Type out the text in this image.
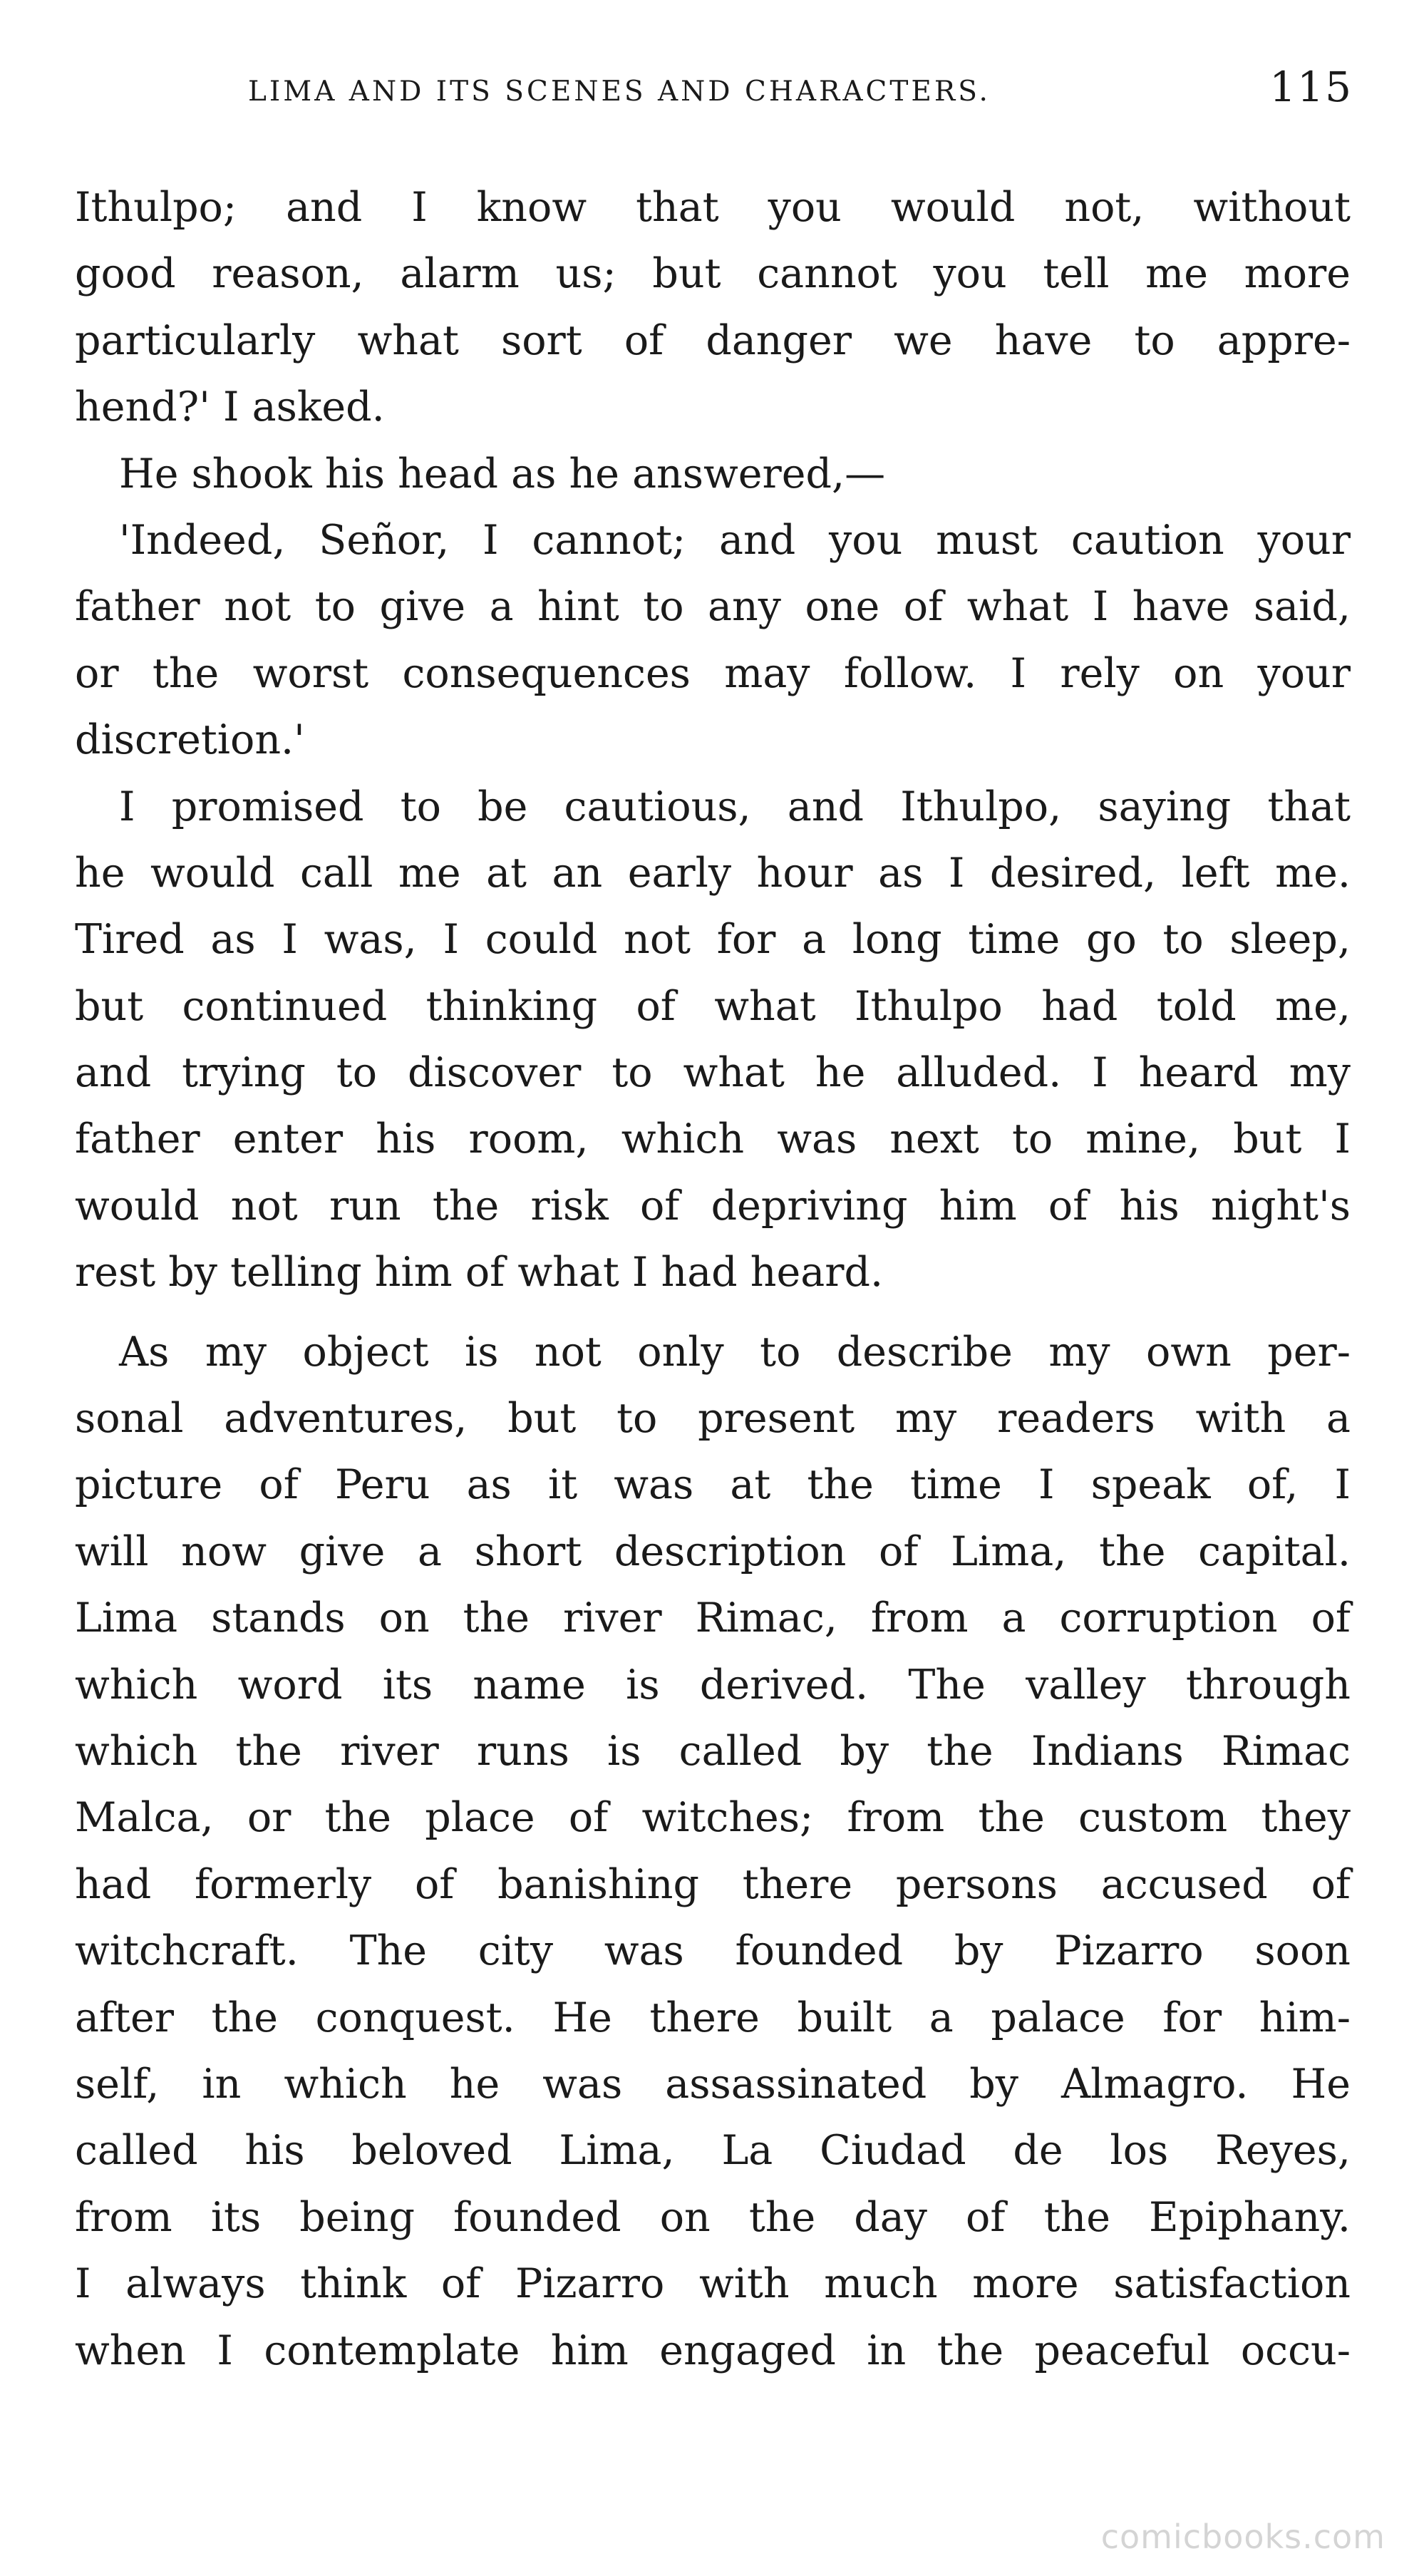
LIMA AND ITS SCENES AND CHARACTERS.	115
Ithulpo; and I know that you would not, without
good reason, alarm us; but cannot you tell me more
particularly what sort of danger we have to appre-
hend?' I asked.
He shook his head as he answered,—
'Indeed, Señor, I cannot; and you must caution your
father not to give a hint to any one of what I have said,
or the worst consequences may follow. I rely on your
discretion.'
I promised to be cautious, and Ithulpo, saying that
he would call me at an early hour as I desired, left me.
Tired as I was, I could not for a long time go to sleep,
but continued thinking of what Ithulpo had told me,
and trying to discover to what he alluded. I heard my
father enter his room, which was next to mine, but I
would not run the risk of depriving him of his night's
rest by telling him of what I had heard.
As my object is not only to describe my own per-
sonal adventures, but to present my readers with a
picture of Peru as it was at the time I speak of, I
will now give a short description of Lima, the capital.
Lima stands on the river Rimac, from a corruption of
which word its name is derived. The valley through
which the river runs is called by the Indians Rimac
Malca, or the place of witches; from the custom they
had formerly of banishing there persons accused of
witchcraft. The city was founded by Pizarro soon
after the conquest. He there built a palace for him-
self, in which he was assassinated by Almagro. He
called his beloved Lima, La Ciudad de los Reyes,
from its being founded on the day of the Epiphany.
I always think of Pizarro with much more satisfaction
when I contemplate him engaged in the peaceful occu-
comicbooks.com
